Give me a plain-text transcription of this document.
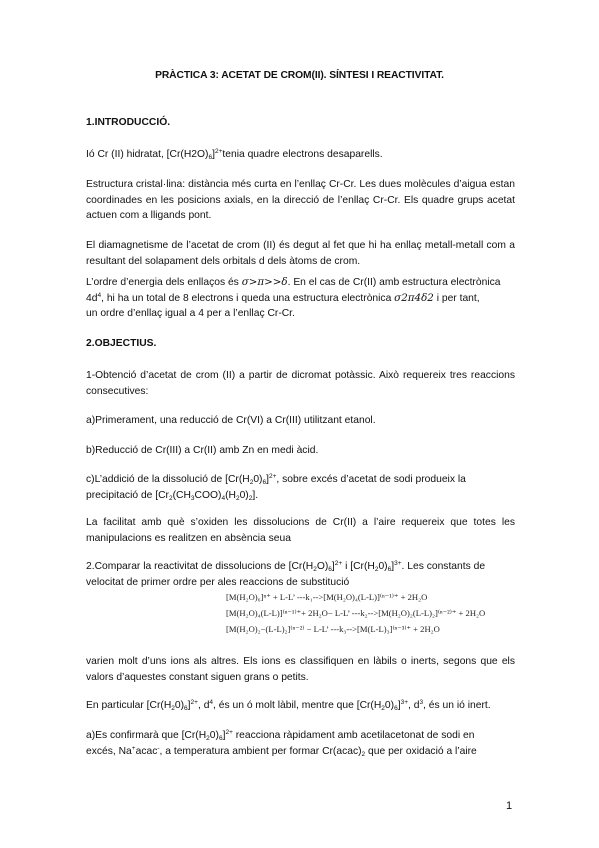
PRÀCTICA 3: ACETAT DE CROM(II). SÍNTESI I REACTIVITAT.
1.INTRODUCCIÓ.
Ió Cr (II) hidratat, $[Cr(H2O)_6]^{2+}tenia$ quadre electrons desaparells.
Estructura cristal·lina: distància més curta en l’enllaç Cr-Cr. Les dues molècules d’aigua estan coordinades en les posicions axials, en la direcció de l’enllaç Cr-Cr. Els quadre grups acetat actuen com a lligands pont.
El diamagnetisme de l’acetat de crom (II) és degut al fet que hi ha enllaç metall-metall com a resultant del solapament dels orbitals d dels àtoms de crom.
L’ordre d’energia dels enllaços és σ>π>>δ. En el cas de Cr(II) amb estructura electrònica
$4d^4$, hi ha un total de 8 electrons i queda una estructura electrònica σ2π4δ2 i per tant,
un ordre d’enllaç igual a 4 per a l’enllaç Cr-Cr.
2.OBJECTIUS.
1-Obtenció d’acetat de crom (II) a partir de dicromat potàssic. Això requereix tres reaccions consecutives:
a)Primerament, una reducció de Cr(VI) a Cr(III) utilitzant etanol.
b)Reducció de Cr(III) a Cr(II) amb Zn en medi àcid.
c)L’addició de la dissolució de $[Cr(H_20)_6]^{2+}$, sobre excés d’acetat de sodi produeix la
precipitació de $[Cr_2(CH_3COO)_4(H_20)_2]$.
La facilitat amb què s’oxiden les dissolucions de Cr(II) a l’aire requereix que totes les manipulacions es realitzen en absència seua
2.Comparar la reactivitat de dissolucions de $[Cr(H_2O)_6]^{2+}$ i $[Cr(H_20)_6]^{3+}$. Les constants de
velocitat de primer ordre per ales reaccions de substitució
[M(H₂O)₆]ⁿ⁺ + L-L’ ---k₁-->[M(H₂O)₄(L-L)]⁽ⁿ⁻¹⁾⁺ + 2H₂O
[M(H₂O)₄(L-L)]⁽ⁿ⁻¹⁾⁺+ 2H₂O− L-L’ ---k₂-->[M(H₂O)₂(L-L)₂]⁽ⁿ⁻²⁾⁺ + 2H₂O
[M(H₂O)₂−(L-L)₂]⁽ⁿ⁻²⁾ − L-L’ ---k₃-->[M(L-L)₃]⁽ⁿ⁻³⁾⁺ + 2H₂O
varien molt d’uns ions als altres. Els ions es classifiquen en làbils o inerts, segons que els valors d’aquestes constant siguen grans o petits.
En particular $[Cr(H_20)_6]^{2+}$, $d^4$, és un ó molt làbil, mentre que $[Cr(H_20)_6]^{3+}$, $d^3$, és un ió inert.
a)Es confirmarà que $[Cr(H_20)_6]^{2+}$ reacciona ràpidament amb acetilacetonat de sodi en
excés, Na+acac-, a temperatura ambient per formar $Cr(acac)_2$ que per oxidació a l’aire
1
